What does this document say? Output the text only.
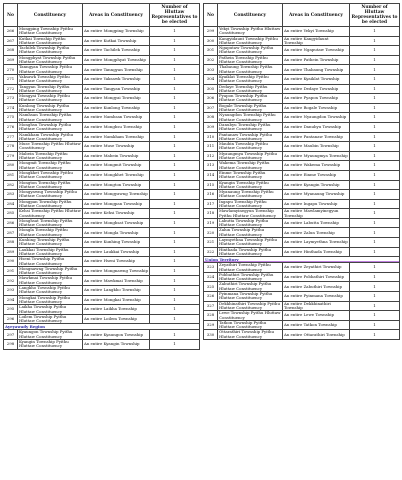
No	Constituency	Areas in Constituency	Number of Hluttaw Representatives to be elected
266	Mongping Township Pyithu Hluttaw Constituency	An entire Mongping Township	1
267	Kutkai Township Pyithu Hluttaw Constituency	An entire Kutkai Township	1
268	Tachilek Township Pyithu Hluttaw Constituency	An entire Tachilek Township	1
269	Mongphyat Township Pyithu Hluttaw Constituency	An entire Mongphyat Township	1
270	Tanngyan Township Pyithu Hluttaw Constituency	An entire Tanngyan Township	1
271	Yaksawk Township Pyithu Hluttaw Constituency	An entire Yaksawk Township	1
272	Tangyan Township Pyithu Hluttaw Constituency	An entire Tangyan Township	1
273	Mongyai Township Pyithu Hluttaw Constituency	An entire Mongyai Township	1
274	Kunlong Township Pyithu Hluttaw Constituency	An entire Kunlong Township	1
275	Namhsan Township Pyithu Hluttaw Constituency	An entire Namhsan Township	1
276	Monghsu Township Pyithu Hluttaw Constituency	An entire Monghsu Township	1
277	Namkham Township Pyithu Hluttaw Constituency	An entire Namkham Township	1
278	Muse Township Pyithu Hluttaw Constituency	An entire Muse Township	1
279	Mabein Township Pyithu Hluttaw Constituency	An entire Mabein Township	1
280	Mongmit Township Pyithu Hluttaw Constituency	An entire Mongmit Township	1
281	Mongkhet Township Pyithu Hluttaw Constituency	An entire Mongkhet Township	1
282	Mongton Township Pyithu Hluttaw Constituency	An entire Mongton Township	1
283	Mongyawng Township Pyithu Hluttaw Constituency	An entire Mongyawng Township	1
284	Mongpan Township Pyithu Hluttaw Constituency	An entire Mongpan Township	1
285	Kehsi Township Pyithu Hluttaw Constituency	An entire Kehsi Township	1
286	Monghsat Township Pyithu Hluttaw Constituency	An entire Monghsat Township	1
287	Mongla Township Pyithu Hluttaw Constituency	An entire Mongla Township	1
288	Kunhing Township Pyithu Hluttaw Constituency	An entire Kunhing Township	1
289	Laukkai Township Pyithu Hluttaw Constituency	An entire Laukkai Township	1
290	Hseni Township Pyithu Hluttaw Constituency	An entire Hseni Township	1
291	Mongnawng Township Pyithu Hluttaw Constituency	An entire Mongnawng Township	1
292	Mawkmai Township Pyithu Hluttaw Constituency	An entire Mawkmai Township	1
293	Langkho Township Pyithu Hluttaw Constituency	An entire Langkho Township	1
294	Mongkai Township Pyithu Hluttaw Constituency	An entire Mongkai Township	1
295	Laikha Township Pyithu Hluttaw Constituency	An entire Laikha Township	1
296	Loilem Township Pyithu Hluttaw Constituency	An entire Loilem Township	1
Ayeyawady Region			

297	Kyaungon Township Pyithu Hluttaw Constituency	An entire Kyaungon Township	1
298	Kyangin Township Pyithu Hluttaw Constituency	An entire Kyangin Township	1
No	Constituency	Areas in Constituency	Number of Hluttaw Representatives to be elected
299	Yekyi Township Pyithu Hluttaw Constituency	An entire Yekyi Township	1
300	Kangyidaunt Township Pyithu Hluttaw Constituency	An entire Kangyidaunt Township	1
301	Ngaputaw Township Pyithu Hluttaw Constituency	An entire Ngaputaw Township	1
302	Pathein Township Pyithu Hluttaw Constituency	An entire Pathein Township	1
303	Thabaung Township Pyithu Hluttaw Constituency	An entire Thabaung Township	1
304	Kyaiklat Township Pyithu Hluttaw Constituency	An entire Kyaiklat Township	1
305	Dedaye Township Pyithu Hluttaw Constituency	An entire Dedaye Township	1
306	Pyapon Township Pyithu Hluttaw Constituency	An entire Pyapon Township	1
307	Bogale Township Pyithu Hluttaw Constituency	An entire Bogale Township	1
308	Nyaungdon Township Pyithu Hluttaw Constituency	An entire Nyaungdon Township	1
309	Danubyu Township Pyithu Hluttaw Constituency	An entire Danubyu Township	1
310	Pantanaw Township Pyithu Hluttaw Constituency	An entire Pantanaw Township	1
311	Maubin Township Pyithu Hluttaw Constituency	An entire Maubin Township	1
312	Myaungmya Township Pyithu Hluttaw Constituency	An entire Myaungmya Township	1
313	Wakema Township Pyithu Hluttaw Constituency	An entire Wakema Township	1
314	Einme Township Pyithu Hluttaw Constituency	An entire Einme Township	1
315	Kyangin Township Pyithu Hluttaw Constituency	An entire Kyangin Township	1
316	Myanaung Township Pyithu Hluttaw Constituency	An entire Myanaung Township	1
317	Ingapu Township Pyithu Hluttaw Constituency	An entire Ingapu Township	1
318	Mawlamyinegyun Township Pyithu Hluttaw Constituency	An entire Mawlamyinegyun Township	1
319	Labutta Township Pyithu Hluttaw Constituency	An entire Labutta Township	1
320	Zalun Township Pyithu Hluttaw Constituency	An entire Zalun Township	1
321	Laymyethna Township Pyithu Hluttaw Constituency	An entire Laymyethna Township	1
322	Hinthada Township Pyithu Hluttaw Constituency	An entire Hinthada Township	1
Union Territory			

323	Zeyathiri Township Pyithu Hluttaw Constituency	An entire Zeyathiri Township	1
324	Pobbathiri Township Pyithu Hluttaw Constituency	An entire Pobbathiri Township	1
325	Zabuthiri Township Pyithu Hluttaw Constituency	An entire Zabuthiri Township	1
326	Pyinmana Township Pyithu Hluttaw Constituency	An entire Pyinmana Township	1
327	Dekkhinathiri Township Pyithu Hluttaw Constituency	An entire Dekkhinathiri Township	1
328	Lewe Township Pyithu Hluttaw Constituency	An entire Lewe Township	1
329	Tatkon Township Pyithu Hluttaw Constituency	An entire Tatkon Township	1
330	Ottarathiri Township Pyithu Hluttaw Constituency	An entire Ottarathiri Township	1
